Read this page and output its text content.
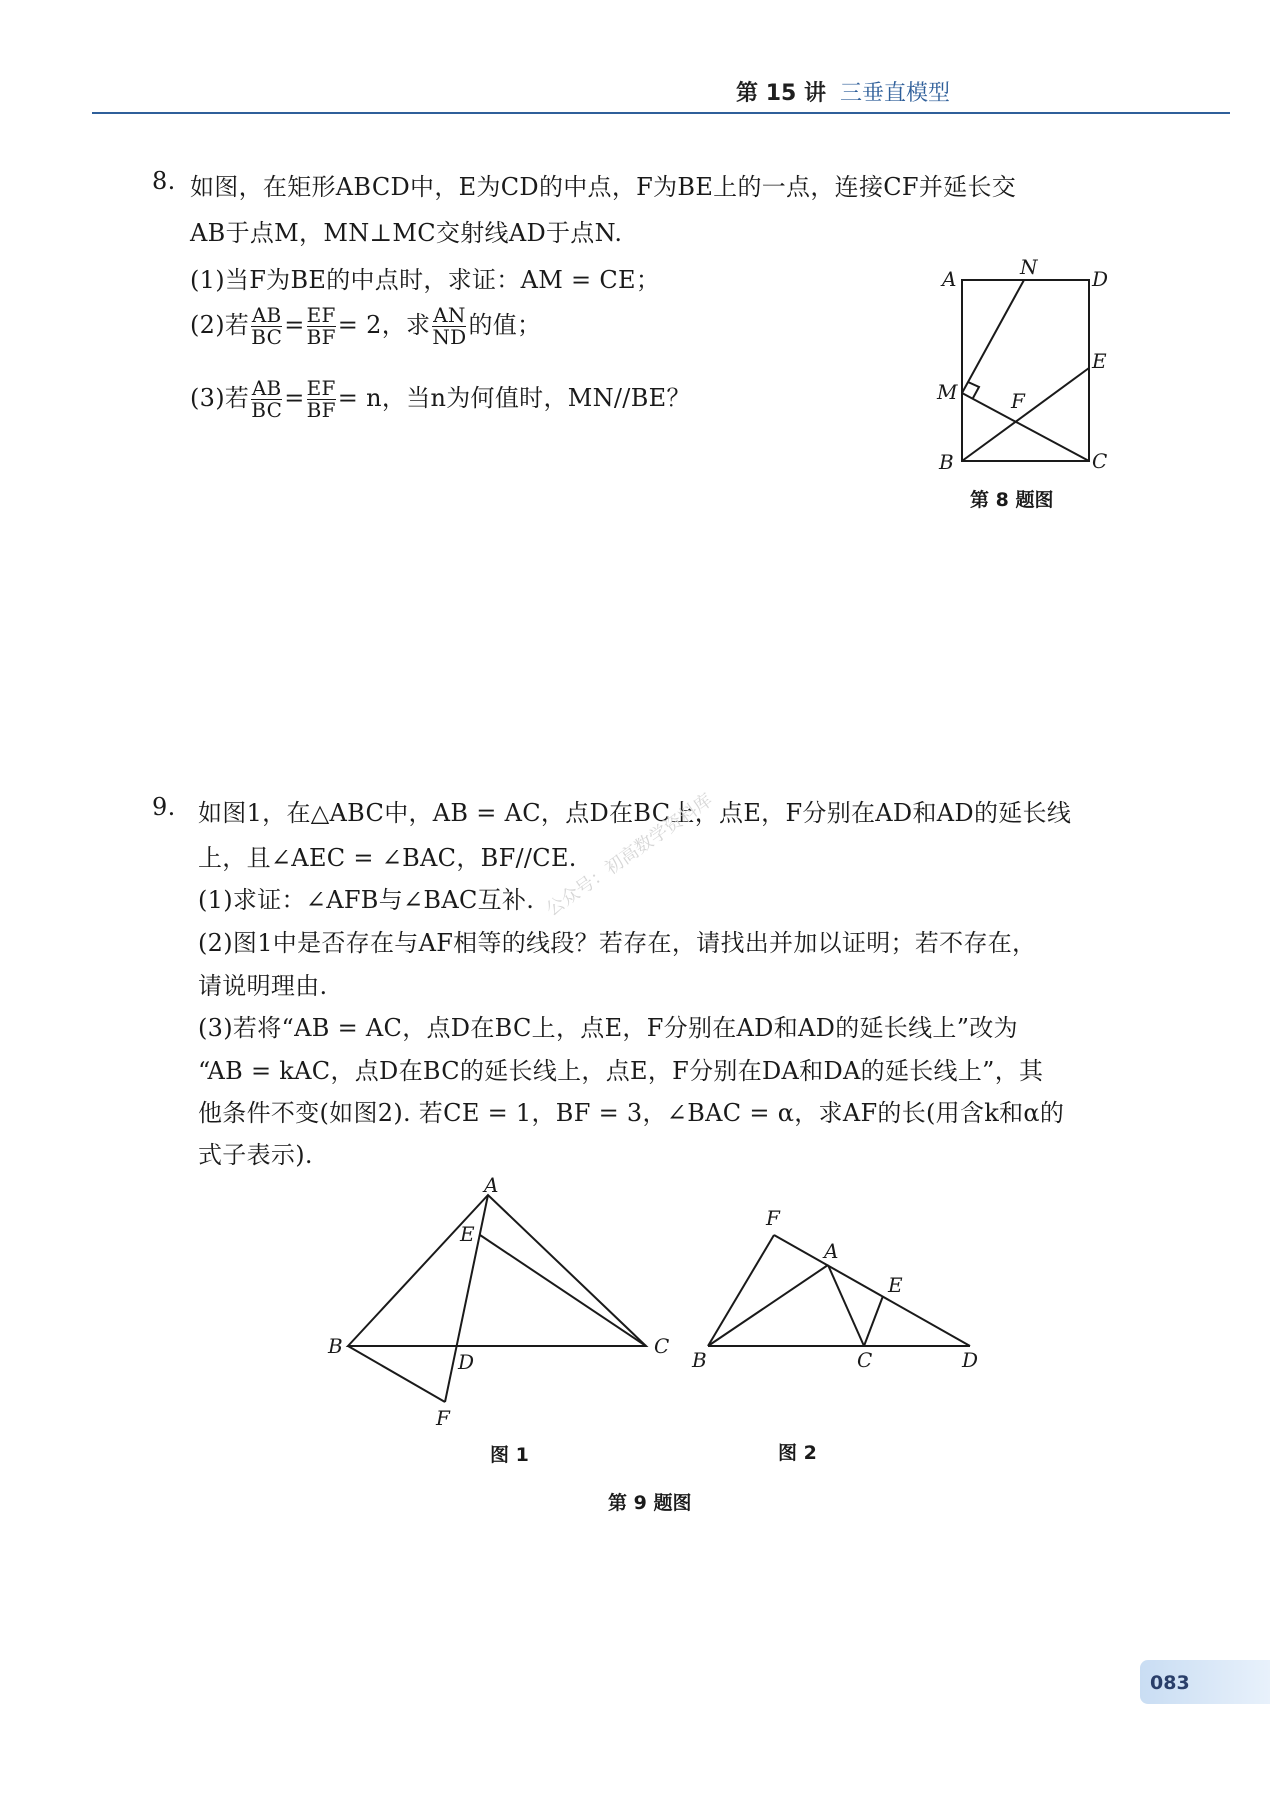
第 15 讲 三垂直模型
8. 如图，在矩形ABCD中，E为CD的中点，F为BE上的一点，连接CF并延长交
AB于点M，MN⊥MC交射线AD于点N.
(1)当F为BE的中点时，求证：AM = CE；
(2)若 $\frac{AB}{BC} = \frac{EF}{BF} = 2$，求 $\frac{AN}{ND}$ 的值；
(3)若 $\frac{AB}{BC} = \frac{EF}{BF} = n$，当n为何值时，MN//BE？
A	N	D
E
M	F
B	C
第 8 题图
9. 如图1，在△ABC中，AB = AC，点D在BC上，点E，F分别在AD和AD的延长线
上，且∠AEC = ∠BAC，BF//CE.
(1)求证：∠AFB与∠BAC互补.
(2)图1中是否存在与AF相等的线段？若存在，请找出并加以证明；若不存在，
请说明理由.
(3)若将“AB = AC，点D在BC上，点E，F分别在AD和AD的延长线上”改为
“AB = kAC，点D在BC的延长线上，点E，F分别在DA和DA的延长线上”，其
他条件不变(如图2). 若CE = 1，BF = 3，∠BAC = α，求AF的长(用含k和α的
式子表示).
A
E
B
D
C
F
F
A
E
B	C	D
图 1	图 2
第 9 题图
公众号：初高数学资料库
083
